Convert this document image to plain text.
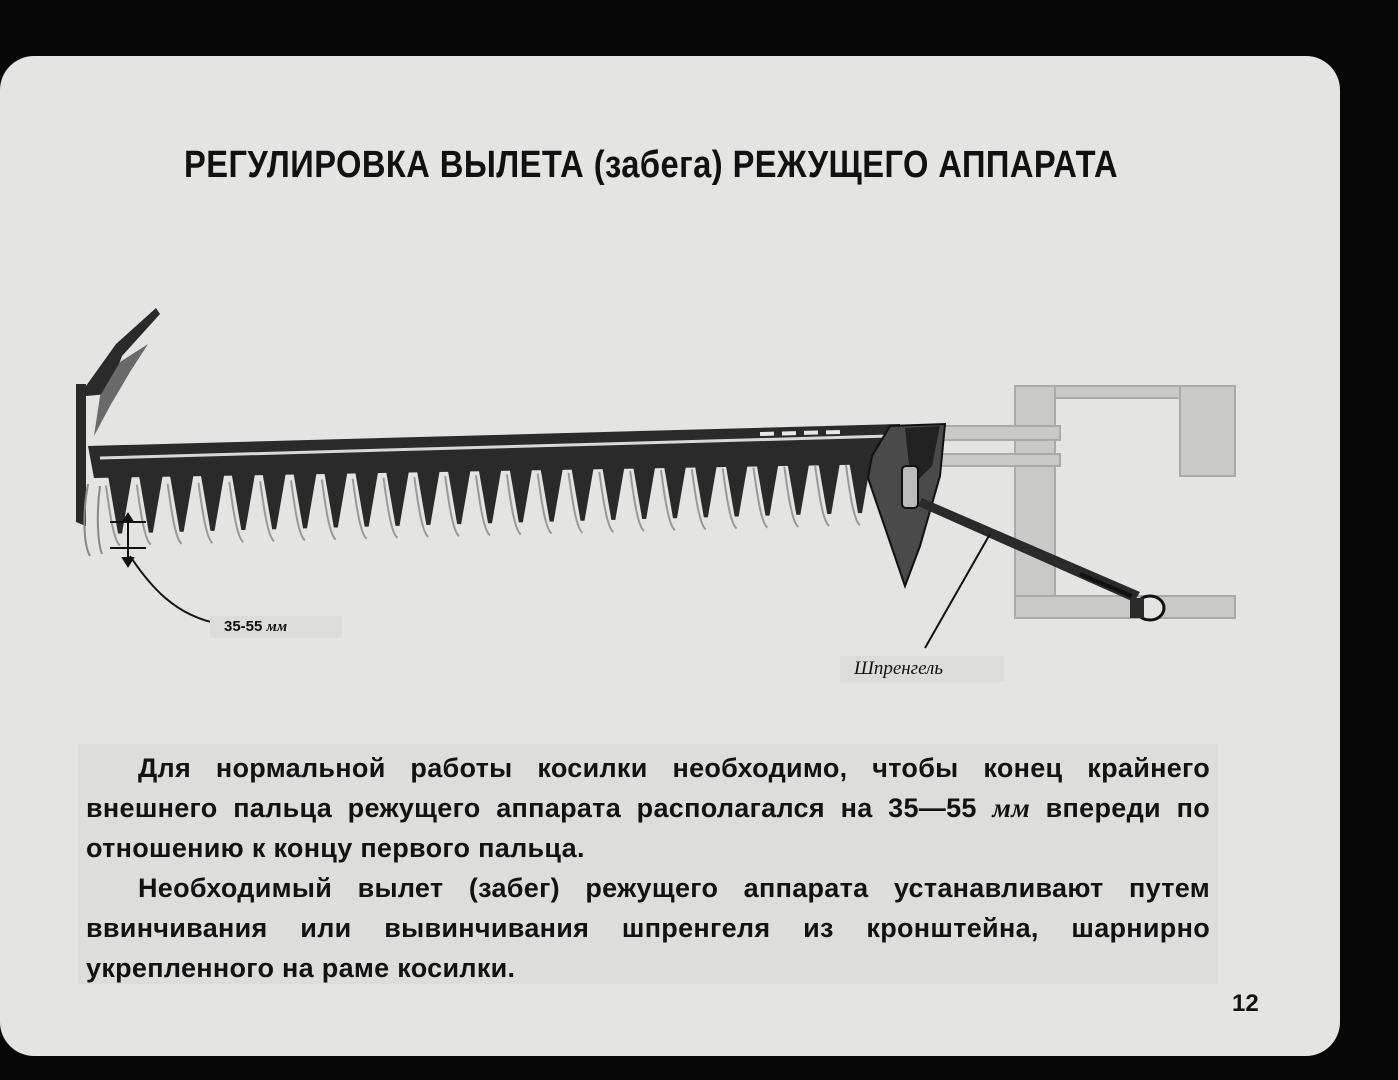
РЕГУЛИРОВКА ВЫЛЕТА (забега) РЕЖУЩЕГО АППАРАТА
35-55 мм
Шпренгель

Для нормальной работы косилки необходимо, чтобы конец крайнего внешнего пальца режущего аппарата располагался на 35—55 мм впереди по отношению к концу первого пальца.

Необходимый вылет (забег) режущего аппарата устанавливают путем ввинчивания или вывинчивания шпренгеля из кронштейна, шарнирно укрепленного на раме косилки.

12
